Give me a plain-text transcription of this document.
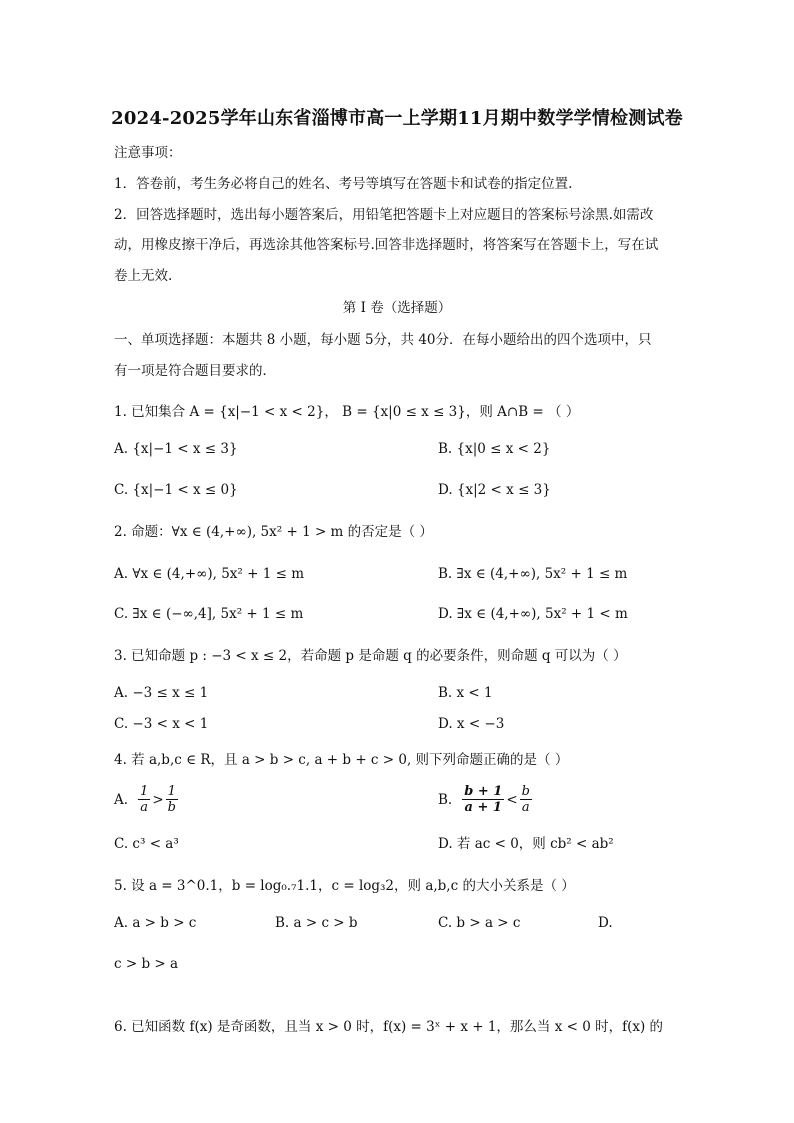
2024-2025学年山东省淄博市高一上学期11月期中数学学情检测试卷
注意事项：
1．答卷前，考生务必将自己的姓名、考号等填写在答题卡和试卷的指定位置.
2．回答选择题时，选出每小题答案后，用铅笔把答题卡上对应题目的答案标号涂黑.如需改
动，用橡皮擦干净后，再选涂其他答案标号.回答非选择题时，将答案写在答题卡上，写在试
卷上无效.
第 I 卷（选择题）
一、单项选择题：本题共 8 小题，每小题 5分，共 40分．在每小题给出的四个选项中，只
有一项是符合题目要求的．
1. 已知集合 A = {x|−1 < x < 2}， B = {x|0 ≤ x ≤ 3}，则 A∩B = （ ）
A. {x|−1 < x ≤ 3}	B. {x|0 ≤ x < 2}
C. {x|−1 < x ≤ 0}	D. {x|2 < x ≤ 3}
2. 命题：∀x ∈ (4,+∞), 5x² + 1 > m 的否定是（ ）
A. ∀x ∈ (4,+∞), 5x² + 1 ≤ m	B. ∃x ∈ (4,+∞), 5x² + 1 ≤ m
C. ∃x ∈ (−∞,4], 5x² + 1 ≤ m	D. ∃x ∈ (4,+∞), 5x² + 1 < m
3. 已知命题 p : −3 < x ≤ 2，若命题 p 是命题 q 的必要条件，则命题 q 可以为（ ）
A. −3 ≤ x ≤ 1	B. x < 1
C. −3 < x < 1	D. x < −3
4. 若 a,b,c ∈ R，且 a > b > c, a + b + c > 0, 则下列命题正确的是（ ）
A. $\frac{1}{a} > \frac{1}{b}$	B. $\frac{b + 1}{a + 1} < \frac{b}{a}$
C. c³ < a³	D. 若 ac < 0，则 cb² < ab²
5. 设 a = 3^0.1，b = log₀.₇1.1，c = log₃2，则 a,b,c 的大小关系是（ ）
A. a > b > c	B. a > c > b	C. b > a > c	D.
c > b > a
6. 已知函数 f(x) 是奇函数，且当 x > 0 时，f(x) = 3ˣ + x + 1，那么当 x < 0 时，f(x) 的
